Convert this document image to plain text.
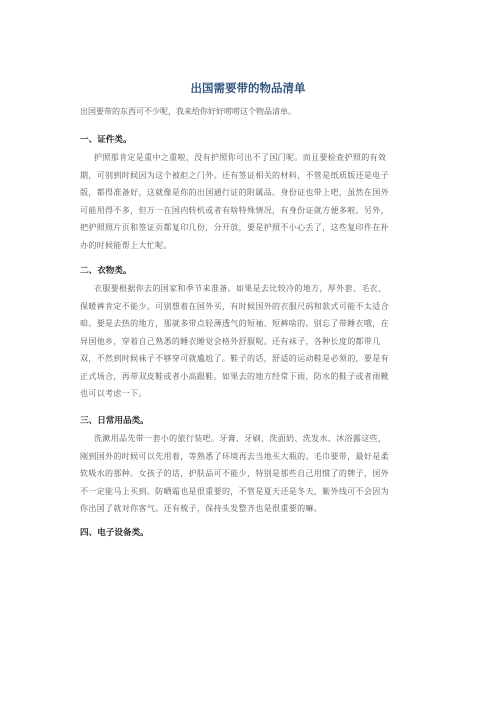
出国需要带的物品清单
出国要带的东西可不少呢，我来给你好好唠唠这个物品清单。
一、证件类。
护照那肯定是重中之重啦，没有护照你可出不了国门呢。而且要检查护照的有效
期，可别到时候因为这个被拒之门外。还有签证相关的材料，不管是纸质版还是电子
版，都得准备好，这就像是你的出国通行证的附属品。身份证也带上吧，虽然在国外
可能用得不多，但万一在国内转机或者有啥特殊情况，有身份证就方便多啦。另外，
把护照照片页和签证页都复印几份，分开放，要是护照不小心丢了，这些复印件在补
办的时候能帮上大忙呢。
二、衣物类。
衣服要根据你去的国家和季节来准备。如果是去比较冷的地方，厚外套、毛衣、
保暖裤肯定不能少。可别想着在国外买，有时候国外的衣服尺码和款式可能不太适合
咱。要是去热的地方，那就多带点轻薄透气的短袖、短裤啥的。别忘了带睡衣哦，在
异国他乡，穿着自己熟悉的睡衣睡觉会格外舒服呢。还有袜子，各种长度的都带几
双，不然到时候袜子不够穿可就尴尬了。鞋子的话，舒适的运动鞋是必须的，要是有
正式场合，再带双皮鞋或者小高跟鞋。如果去的地方经常下雨，防水的鞋子或者雨靴
也可以考虑一下。
三、日常用品类。
洗漱用品先带一套小的旅行装吧。牙膏、牙刷、洗面奶、洗发水、沐浴露这些，
刚到国外的时候可以先用着，等熟悉了环境再去当地买大瓶的。毛巾要带，最好是柔
软吸水的那种。女孩子的话，护肤品可不能少，特别是那些自己用惯了的牌子，国外
不一定能马上买到。防晒霜也是很重要的，不管是夏天还是冬天，紫外线可不会因为
你出国了就对你客气。还有梳子，保持头发整齐也是很重要的嘛。
四、电子设备类。
